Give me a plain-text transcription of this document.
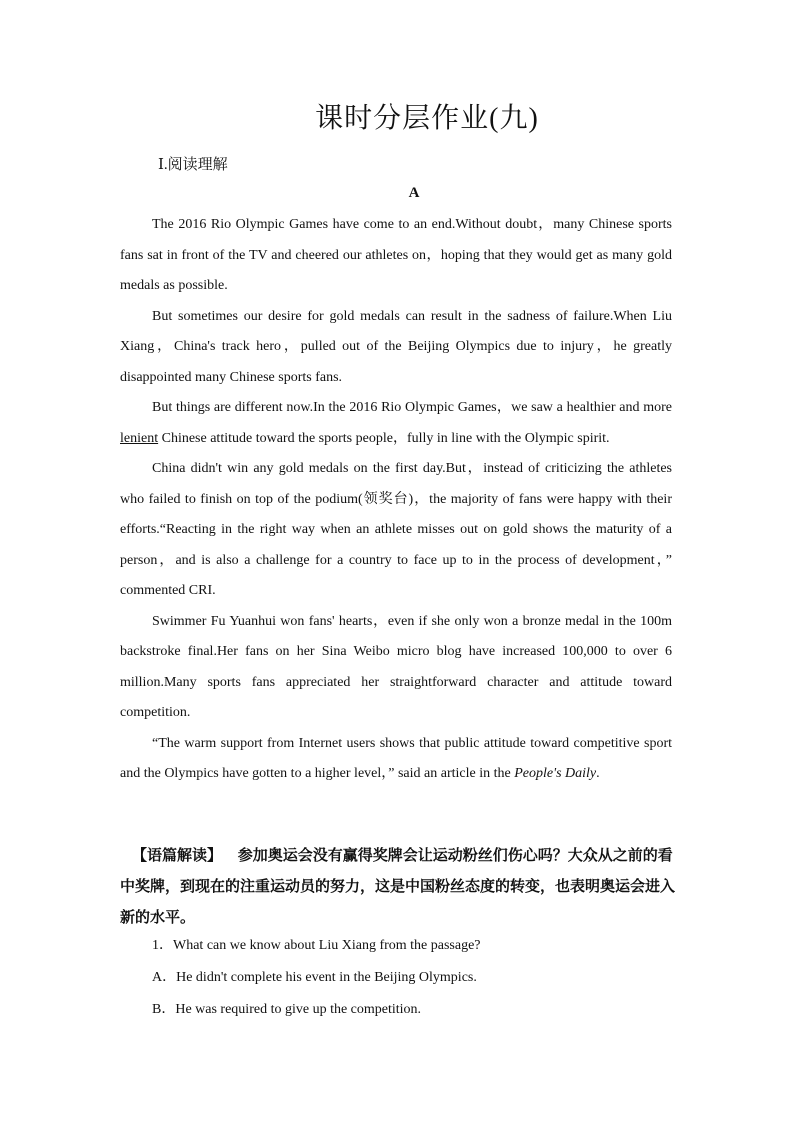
课时分层作业(九)
Ⅰ.阅读理解
A

The 2016 Rio Olympic Games have come to an end.Without doubt，many Chinese sports fans sat in front of the TV and cheered our athletes on，hoping that they would get as many gold medals as possible.

But sometimes our desire for gold medals can result in the sadness of failure.When Liu Xiang，China's track hero，pulled out of the Beijing Olympics due to injury，he greatly disappointed many Chinese sports fans.

But things are different now.In the 2016 Rio Olympic Games，we saw a healthier and more lenient Chinese attitude toward the sports people，fully in line with the Olympic spirit.

China didn't win any gold medals on the first day.But，instead of criticizing the athletes who failed to finish on top of the podium(领奖台)，the majority of fans were happy with their efforts.“Reacting in the right way when an athlete misses out on gold shows the maturity of a person，and is also a challenge for a country to face up to in the process of development，” commented CRI.

Swimmer Fu Yuanhui won fans' hearts，even if she only won a bronze medal in the 100m backstroke final.Her fans on her Sina Weibo micro blog have increased 100,000 to over 6 million.Many sports fans appreciated her straightforward character and attitude toward competition.

“The warm support from Internet users shows that public attitude toward competitive sport and the Olympics have gotten to a higher level，” said an article in the People's Daily.

【语篇解读】 参加奥运会没有赢得奖牌会让运动粉丝们伤心吗？大众从之前的看中奖牌，到现在的注重运动员的努力，这是中国粉丝态度的转变，也表明奥运会进入新的水平。
1．What can we know about Liu Xiang from the passage?
A．He didn't complete his event in the Beijing Olympics.
B．He was required to give up the competition.
